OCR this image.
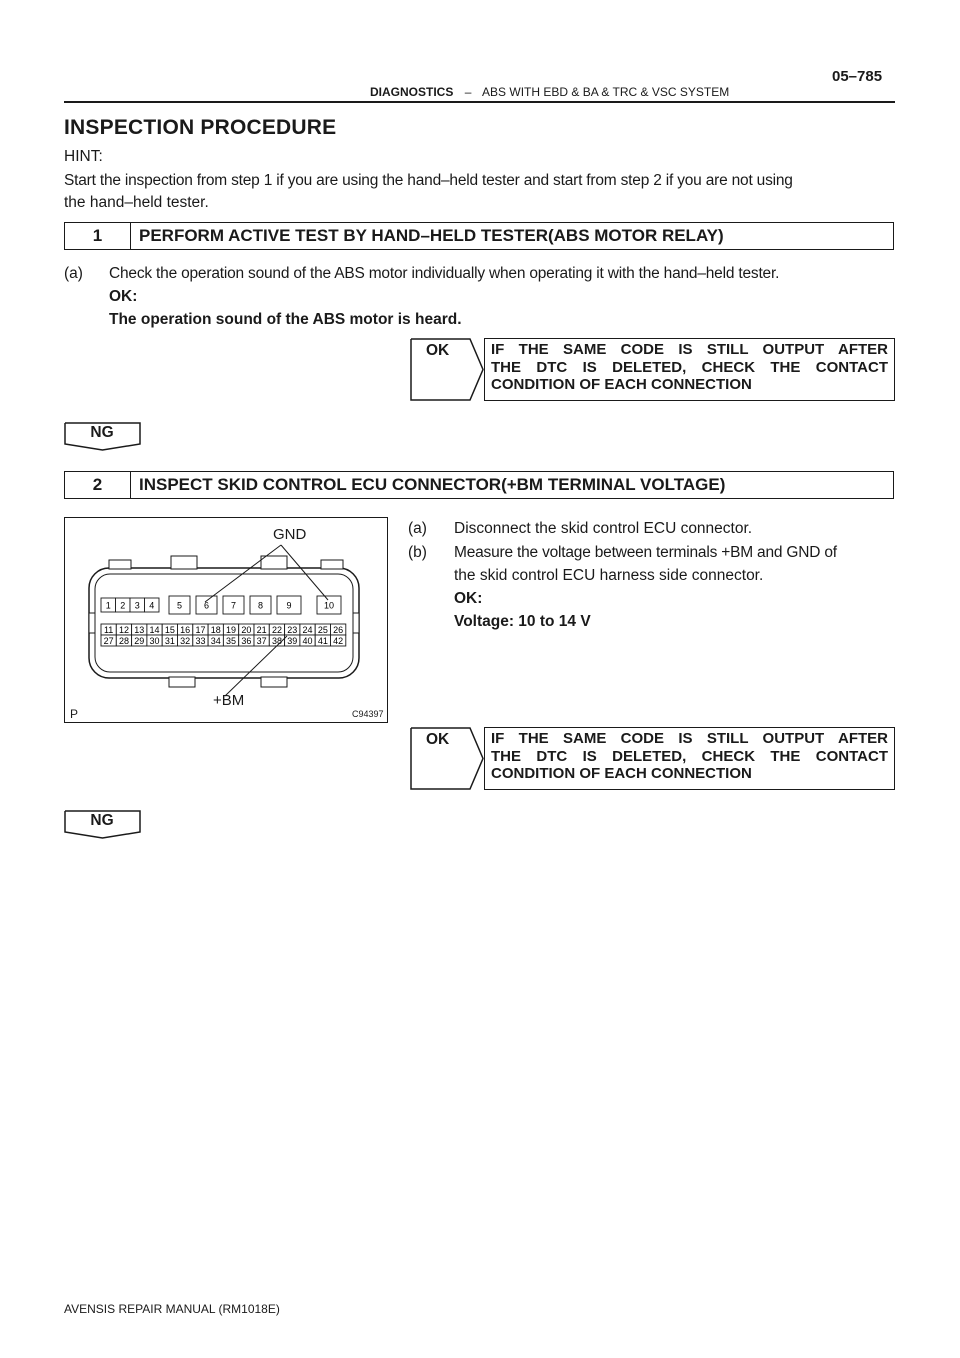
05–785
DIAGNOSTICS – ABS WITH EBD & BA & TRC & VSC SYSTEM
INSPECTION PROCEDURE
HINT:
Start the inspection from step 1 if you are using the hand–held tester and start from step 2 if you are not using
the hand–held tester.
1	PERFORM ACTIVE TEST BY HAND–HELD TESTER(ABS MOTOR RELAY)
(a) Check the operation sound of the ABS motor individually when operating it with the hand–held tester.
OK:
The operation sound of the ABS motor is heard.
OK	IF THE SAME CODE IS STILL OUTPUT AFTER
THE DTC IS DELETED, CHECK THE CONTACT
CONDITION OF EACH CONNECTION
NG
2	INSPECT SKID CONTROL ECU CONNECTOR(+BM TERMINAL VOLTAGE)
1 2 3 4	5 6 7 8	9	10
11 12 13 14 15 16 17 18 19 20 21 22 23 24 25 26
27 28 29 30 31 32 33 34 35 36 37 38 39 40 41 42
GND
+BM
P	C94397
(a) Disconnect the skid control ECU connector.
(b) Measure the voltage between terminals +BM and GND of
the skid control ECU harness side connector.
OK:
Voltage: 10 to 14 V
OK	IF THE SAME CODE IS STILL OUTPUT AFTER
THE DTC IS DELETED, CHECK THE CONTACT
CONDITION OF EACH CONNECTION
NG
AVENSIS REPAIR MANUAL (RM1018E)
